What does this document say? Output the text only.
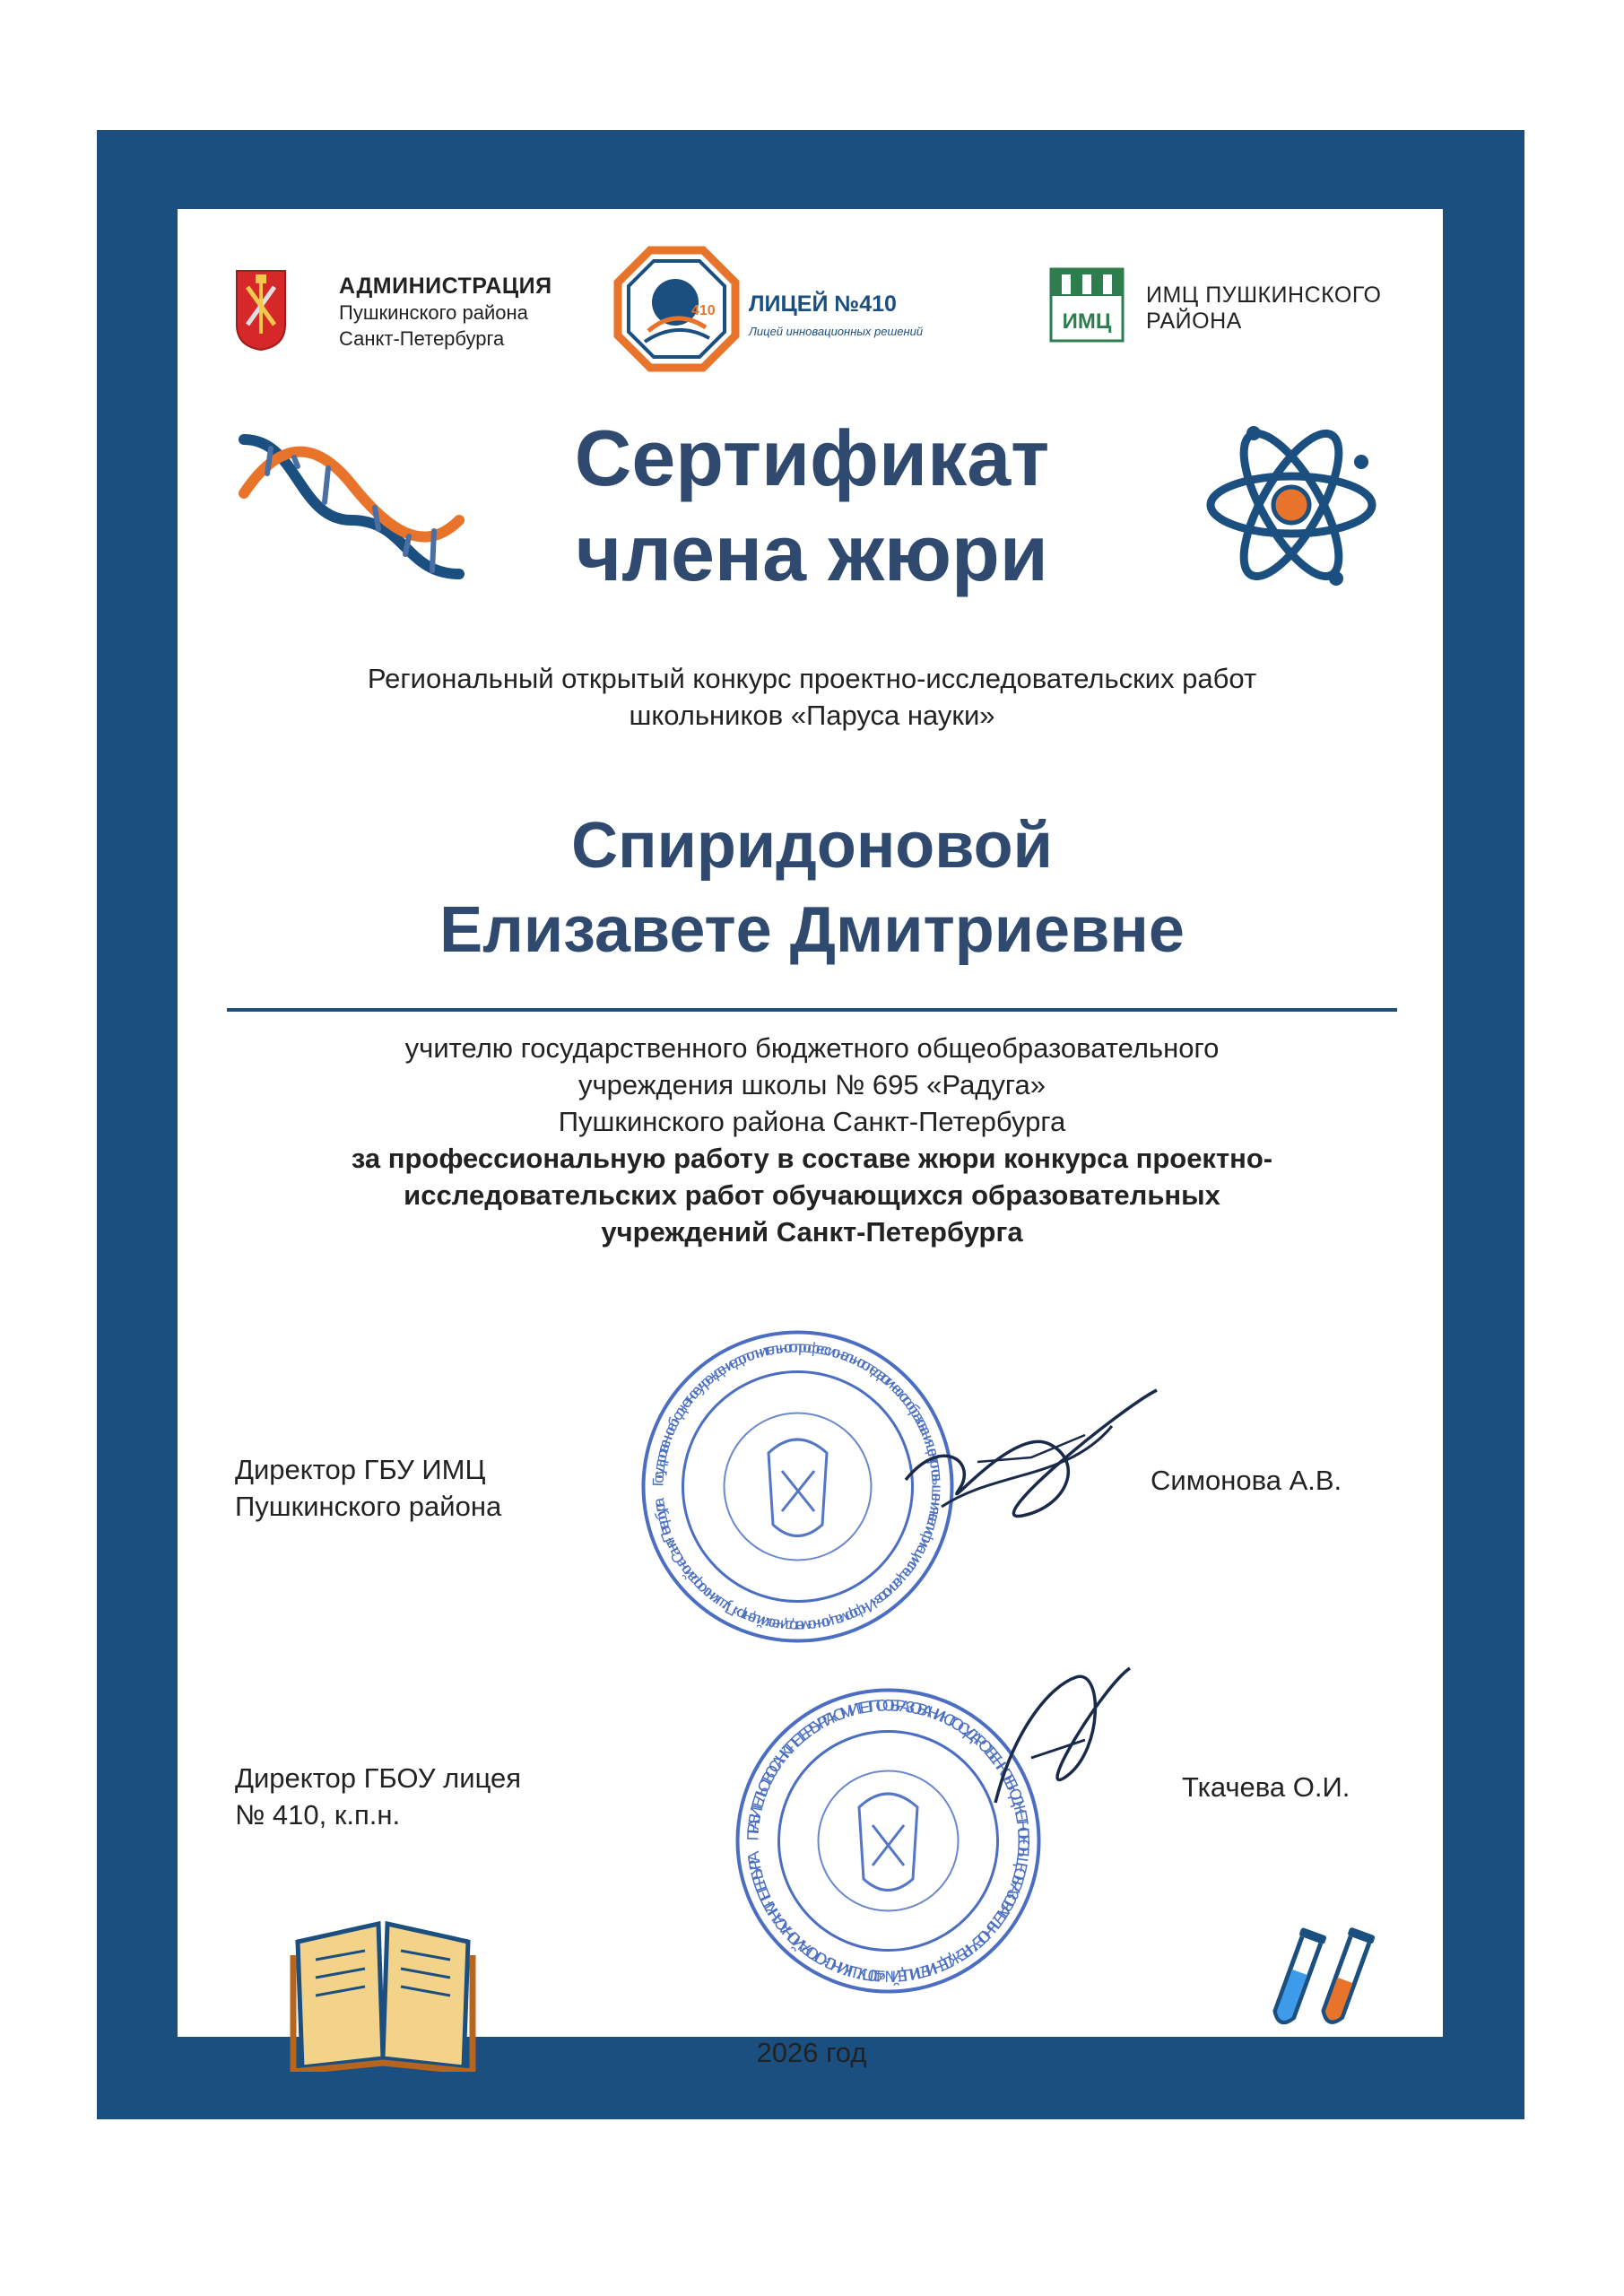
АДМИНИСТРАЦИЯ
Пушкинского района
Санкт-Петербурга
410 ЛИЦЕЙ №410
Лицей инновационных решений	ИМЦ
ИМЦ ПУШКИНСКОГО
РАЙОНА
Сертификат
члена жюри
Региональный открытый конкурс проектно-исследовательских работ
школьников «Паруса науки»
Спиридоновой
Елизавете Дмитриевне
учителю государственного бюджетного общеобразовательного
учреждения школы № 695 «Радуга»
Пушкинского района Санкт-Петербурга
за профессиональную работу в составе жюри конкурса проектно-
исследовательских работ обучающихся образовательных
учреждений Санкт-Петербурга
Государственное бюджетное учреждение дополнительного профессионального педагогического образования центр повышения квалификации специалистов «Информационно-методический центр» Пушкинского района Санкт-Петербурга
Директор ГБУ ИМЦ
Пушкинского района
Симонова А.В.
ПРАВИТЕЛЬСТВО САНКТ-ПЕТЕРБУРГА КОМИТЕТ ПО ОБРАЗОВАНИЮ ГОСУДАРСТВЕННОЕ БЮДЖЕТНОЕ ОБЩЕОБРАЗОВАТЕЛЬНОЕ УЧРЕЖДЕНИЕ ЛИЦЕЙ № 410 ПУШКИНСКОГО РАЙОНА САНКТ-ПЕТЕРБУРГА
Директор ГБОУ лицея
№ 410, к.п.н.
Ткачева О.И.
2026 год
